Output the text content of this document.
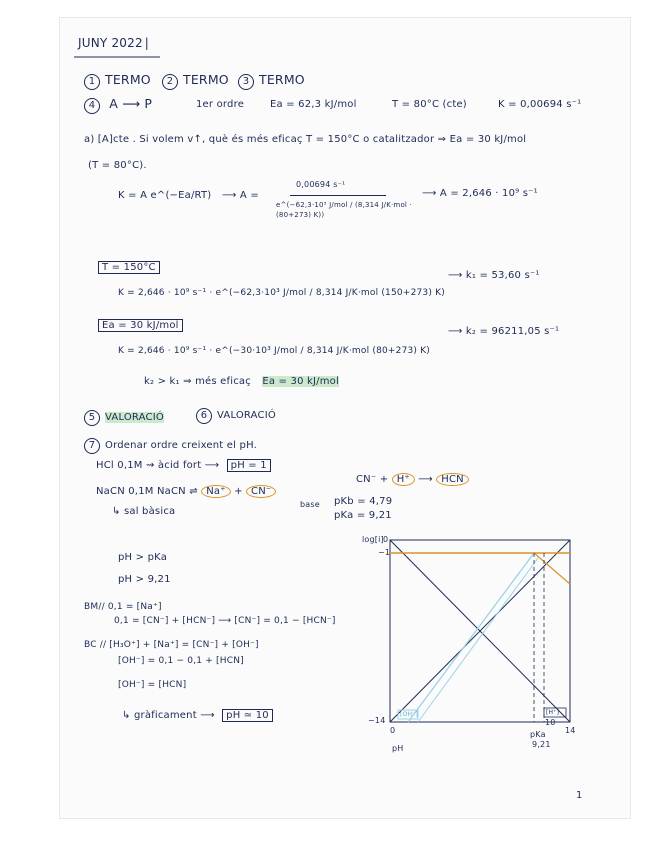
JUNY 2022 |
1 TERMO	2 TERMO	3 TERMO
4 A ⟶ P	1er ordre	Ea = 62,3 kJ/mol	T = 80°C (cte)	K = 0,00694 s⁻¹
a) [A]cte . Si volem v↑, què és més eficaç T = 150°C o catalitzador ⇒ Ea = 30 kJ/mol
(T = 80°C).
K = A e^(−Ea/RT) ⟶ A =
0,00694 s⁻¹
e^(−62,3·10³ J/mol / (8,314 J/K·mol · (80+273) K))
⟶ A = 2,646 · 10⁹ s⁻¹
T = 150°C
K = 2,646 · 10⁹ s⁻¹ · e^(−62,3·10³ J/mol / 8,314 J/K·mol (150+273) K)
⟶ k₁ = 53,60 s⁻¹
Ea = 30 kJ/mol
K = 2,646 · 10⁹ s⁻¹ · e^(−30·10³ J/mol / 8,314 J/K·mol (80+273) K)
⟶ k₂ = 96211,05 s⁻¹
k₂ > k₁ ⇒ més eficaç Ea = 30 kJ/mol
5 VALORACIÓ	6 VALORACIÓ
7 Ordenar ordre creixent el pH.
HCl 0,1M ⇝ àcid fort ⟶ pH = 1
NaCN 0,1M NaCN ⇌ Na⁺ + CN⁻
base
↳ sal bàsica
CN⁻ + H⁺ ⟶ HCN
pKb = 4,79
pKa = 9,21
pH > pKa
pH > 9,21
BM// 0,1 = [Na⁺]
0,1 = [CN⁻] + [HCN⁻] ⟶ [CN⁻] = 0,1 − [HCN⁻]
BC // [H₃O⁺] + [Na⁺] = [CN⁻] + [OH⁻]
[OH⁻] = 0,1 − 0,1 + [HCN]
[OH⁻] = [HCN]
↳ gràficament ⟶ pH ≃ 10
log[i] 0
−1
−14
0
10
14
pKa
9,21
pH
[OH⁻]	[H⁺]
1
